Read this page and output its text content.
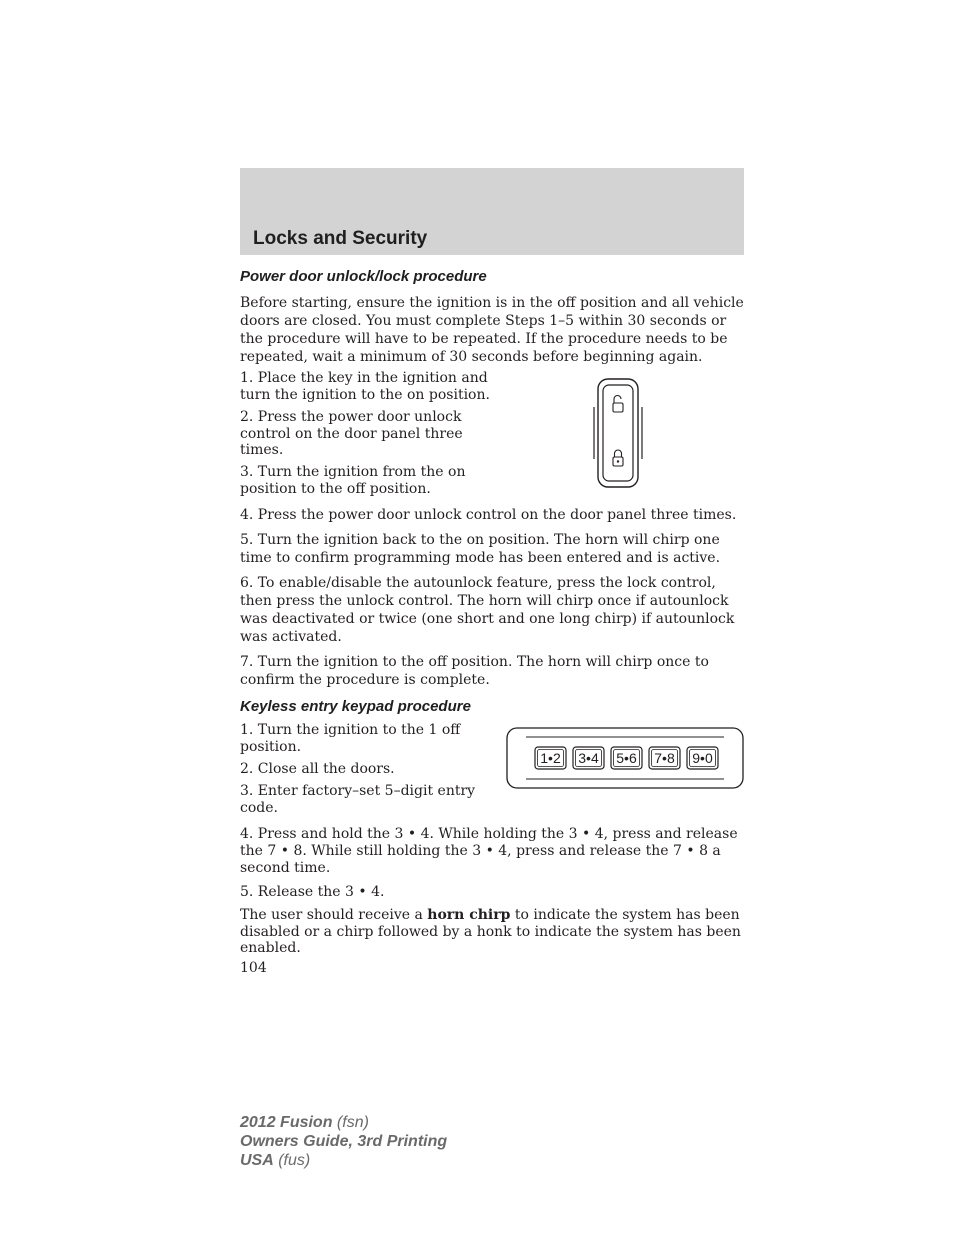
Locks and Security
Power door unlock/lock procedure

Before starting, ensure the ignition is in the off position and all vehicle doors are closed. You must complete Steps 1–5 within 30 seconds or the procedure will have to be repeated. If the procedure needs to be repeated, wait a minimum of 30 seconds before beginning again.

1. Place the key in the ignition and turn the ignition to the on position.

2. Press the power door unlock control on the door panel three times.

3. Turn the ignition from the on position to the off position.

4. Press the power door unlock control on the door panel three times.

5. Turn the ignition back to the on position. The horn will chirp one time to confirm programming mode has been entered and is active.

6. To enable/disable the autounlock feature, press the lock control, then press the unlock control. The horn will chirp once if autounlock was deactivated or twice (one short and one long chirp) if autounlock was activated.

7. Turn the ignition to the off position. The horn will chirp once to confirm the procedure is complete.

Keyless entry keypad procedure

1. Turn the ignition to the 1 off position.

2. Close all the doors.

3. Enter factory–set 5–digit entry code.

4. Press and hold the 3 • 4. While holding the 3 • 4, press and release the 7 • 8. While still holding the 3 • 4, press and release the 7 • 8 a second time.

5. Release the 3 • 4.

The user should receive a horn chirp to indicate the system has been disabled or a chirp followed by a honk to indicate the system has been enabled.

1•2 3•4 5•6 7•8 9•0
104
2012 Fusion (fsn)
Owners Guide, 3rd Printing
USA (fus)
